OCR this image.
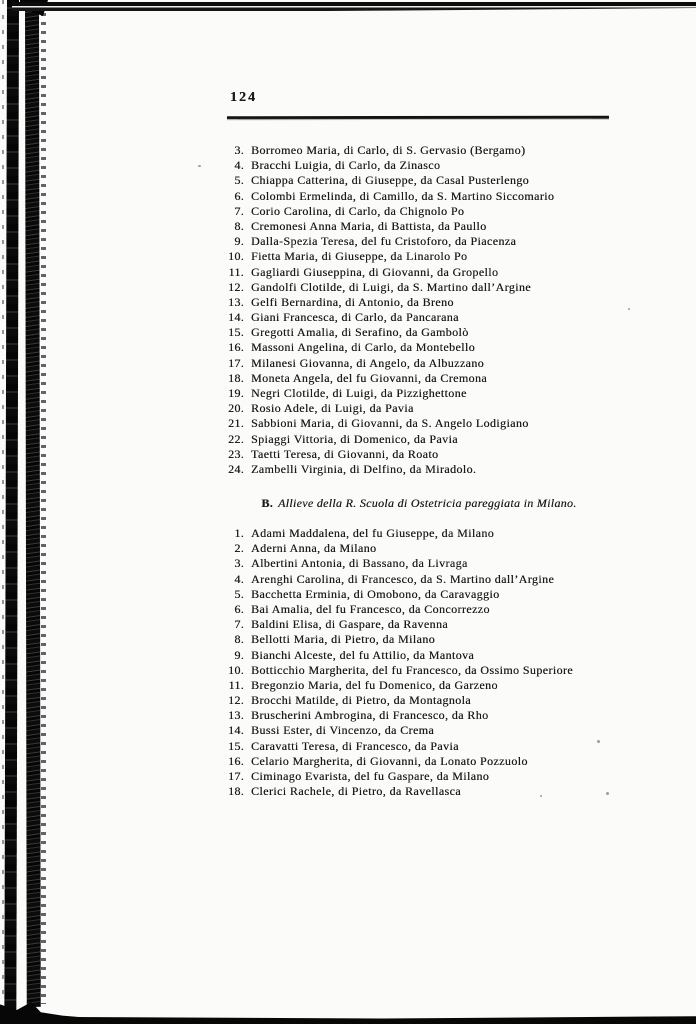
124
3. Borromeo Maria, di Carlo, di S. Gervasio (Bergamo)
4. Bracchi Luigia, di Carlo, da Zinasco
5. Chiappa Catterina, di Giuseppe, da Casal Pusterlengo
6. Colombi Ermelinda, di Camillo, da S. Martino Siccomario
7. Corio Carolina, di Carlo, da Chignolo Po
8. Cremonesi Anna Maria, di Battista, da Paullo
9. Dalla-Spezia Teresa, del fu Cristoforo, da Piacenza
10. Fietta Maria, di Giuseppe, da Linarolo Po
11. Gagliardi Giuseppina, di Giovanni, da Gropello
12. Gandolfi Clotilde, di Luigi, da S. Martino dall’Argine
13. Gelfi Bernardina, di Antonio, da Breno
14. Giani Francesca, di Carlo, da Pancarana
15. Gregotti Amalia, di Serafino, da Gambolò
16. Massoni Angelina, di Carlo, da Montebello
17. Milanesi Giovanna, di Angelo, da Albuzzano
18. Moneta Angela, del fu Giovanni, da Cremona
19. Negri Clotilde, di Luigi, da Pizzighettone
20. Rosio Adele, di Luigi, da Pavia
21. Sabbioni Maria, di Giovanni, da S. Angelo Lodigiano
22. Spiaggi Vittoria, di Domenico, da Pavia
23. Taetti Teresa, di Giovanni, da Roato
24. Zambelli Virginia, di Delfino, da Miradolo.
B. Allieve della R. Scuola di Ostetricia pareggiata in Milano.
1. Adami Maddalena, del fu Giuseppe, da Milano
2. Aderni Anna, da Milano
3. Albertini Antonia, di Bassano, da Livraga
4. Arenghi Carolina, di Francesco, da S. Martino dall’Argine
5. Bacchetta Erminia, di Omobono, da Caravaggio
6. Bai Amalia, del fu Francesco, da Concorrezzo
7. Baldini Elisa, di Gaspare, da Ravenna
8. Bellotti Maria, di Pietro, da Milano
9. Bianchi Alceste, del fu Attilio, da Mantova
10. Botticchio Margherita, del fu Francesco, da Ossimo Superiore
11. Bregonzio Maria, del fu Domenico, da Garzeno
12. Brocchi Matilde, di Pietro, da Montagnola
13. Bruscherini Ambrogina, di Francesco, da Rho
14. Bussi Ester, di Vincenzo, da Crema
15. Caravatti Teresa, di Francesco, da Pavia
16. Celario Margherita, di Giovanni, da Lonato Pozzuolo
17. Ciminago Evarista, del fu Gaspare, da Milano
18. Clerici Rachele, di Pietro, da Ravellasca
